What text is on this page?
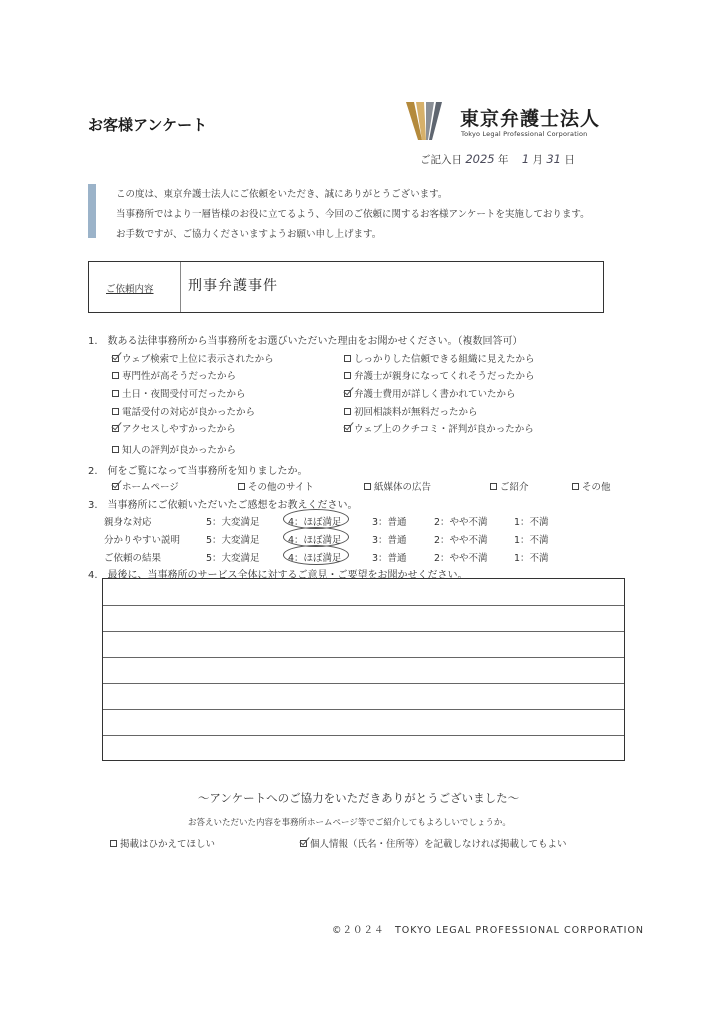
お客様アンケート	東京弁護士法人
Tokyo Legal Professional Corporation
ご記入日 2025 年 1 月 31 日
この度は、東京弁護士法人にご依頼をいただき、誠にありがとうございます。
当事務所ではより一層皆様のお役に立てるよう、今回のご依頼に関するお客様アンケートを実施しております。
お手数ですが、ご協力くださいますようお願い申し上げます。
ご依頼内容 刑事弁護事件
1.　数ある法律事務所から当事務所をお選びいただいた理由をお聞かせください。（複数回答可）
ウェブ検索で上位に表示されたから	しっかりした信頼できる組織に見えたから
専門性が高そうだったから	弁護士が親身になってくれそうだったから
土日・夜間受付可だったから	弁護士費用が詳しく書かれていたから
電話受付の対応が良かったから	初回相談料が無料だったから
アクセスしやすかったから	ウェブ上のクチコミ・評判が良かったから
知人の評判が良かったから
2.　何をご覧になって当事務所を知りましたか。
ホームページ	その他のサイト	紙媒体の広告	ご紹介	その他
3.　当事務所にご依頼いただいたご感想をお教えください。
親身な対応	5：大変満足	4：ほぼ満足	3：普通	2：やや不満	1：不満
分かりやすい説明	5：大変満足	4：ほぼ満足	3：普通	2：やや不満	1：不満
ご依頼の結果	5：大変満足	4：ほぼ満足	3：普通	2：やや不満	1：不満
4.　最後に、当事務所のサービス全体に対するご意見・ご要望をお聞かせください。
～アンケートへのご協力をいただきありがとうございました～
お答えいただいた内容を事務所ホームページ等でご紹介してもよろしいでしょうか。
掲載はひかえてほしい	個人情報（氏名・住所等）を記載しなければ掲載してもよい
©２０２４　TOKYO LEGAL PROFESSIONAL CORPORATION
